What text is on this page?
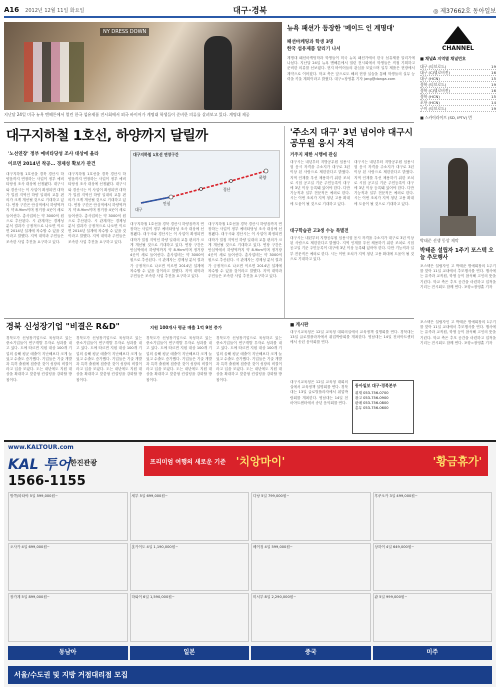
A16 2012년 12월 11일 화요일	대구·경북	◎ 제37662호 동아일보
NY DRESS DOWN
지난달 24일 미국 뉴욕 맨해튼에서 열린 한국 섬유제품 전시회에서 외국 바이어가 계명대 학생들이 준비한 의류를 살펴보고 있다. 계명대 제공
뉴욕 패션가 등장한 '메이드 인 계명대'
패션마케팅과 학생 3명
한국 섬유제품 알리기 나서
계명대 패션마케팅학과 학생들이 미국 뉴욕 패션가에서 한국 섬유제품 알리기에 나섰다. 지난달 24일 뉴욕 맨해튼에서 열린 전시회에서 학생들은 직접 기획하고 준비한 의류를 선보였다. 현지 바이어들의 관심을 모았으며 일부 제품은 현장에서 계약으로 이어졌다. 학교 측은 앞으로도 해외 현장 실습을 통해 학생들의 실무 능력을 키울 계획이라고 밝혔다. 대구=장영훈 기자 jang@donga.com
CHANNEL
■ 채널A 지역별 채널번호
대구 (티브로드)	19
대구 (CJ헬로비전)	16
대구 (HCN)	15
경북 (티브로드)	19
경북 (CJ헬로비전)	16
경북 (HCN)	15
포항 (HCN)	14
구미 (티브로드)	19
■ 스카이라이프 (SD, IPTV) 번
대구지하철 1호선, 하양까지 달릴까
'노선연장' 정부 예비타당성 조사 대상에 올라
이르면 2014년 착공… 경제성 확보가 관건
대구지하철 1호선 연장구간
안심
하양
경산
대구
대구지하철 1호선을 경북 경산시 하양읍까지 연장하는 사업이 정부 예비타당성 조사 대상에 선정됐다. 대구시와 경산시는 이 사업이 확정되면 대학가 밀집 지역인 하양 일대의 교통 편의가 크게 개선될 것으로 기대하고 있다. 연장 구간은 안심역에서 하양역까지 약 8.9km이며 정거장 4곳이 새로 들어선다. 총사업비는 약 3000억 원으로 추산된다. 시 관계자는 경제성 분석 결과가 긍정적으로 나오면 이르면 2014년 설계에 착수할 수 있을 것이라고 말했다. 지역 대학과 주민들은 조속한 사업 추진을 요구하고 있다.
대구지하철 1호선을 경북 경산시 하양읍까지 연장하는 사업이 정부 예비타당성 조사 대상에 선정됐다. 대구시와 경산시는 이 사업이 확정되면 대학가 밀집 지역인 하양 일대의 교통 편의가 크게 개선될 것으로 기대하고 있다. 연장 구간은 안심역에서 하양역까지 약 8.9km이며 정거장 4곳이 새로 들어선다. 총사업비는 약 3000억 원으로 추산된다. 시 관계자는 경제성 분석 결과가 긍정적으로 나오면 이르면 2014년 설계에 착수할 수 있을 것이라고 말했다. 지역 대학과 주민들은 조속한 사업 추진을 요구하고 있다.
대구지하철 1호선을 경북 경산시 하양읍까지 연장하는 사업이 정부 예비타당성 조사 대상에 선정됐다. 대구시와 경산시는 이 사업이 확정되면 대학가 밀집 지역인 하양 일대의 교통 편의가 크게 개선될 것으로 기대하고 있다. 연장 구간은 안심역에서 하양역까지 약 8.9km이며 정거장 4곳이 새로 들어선다. 총사업비는 약 3000억 원으로 추산된다. 시 관계자는 경제성 분석 결과가 긍정적으로 나오면 이르면 2014년 설계에 착수할 수 있을 것이라고 말했다. 지역 대학과 주민들은 조속한 사업 추진을 요구하고 있다.
대구지하철 1호선을 경북 경산시 하양읍까지 연장하는 사업이 정부 예비타당성 조사 대상에 선정됐다. 대구시와 경산시는 이 사업이 확정되면 대학가 밀집 지역인 하양 일대의 교통 편의가 크게 개선될 것으로 기대하고 있다. 연장 구간은 안심역에서 하양역까지 약 8.9km이며 정거장 4곳이 새로 들어선다. 총사업비는 약 3000억 원으로 추산된다. 시 관계자는 경제성 분석 결과가 긍정적으로 나오면 이르면 2014년 설계에 착수할 수 있을 것이라고 말했다. 지역 대학과 주민들은 조속한 사업 추진을 요구하고 있다.
'주소지 대구' 3년 넘어야 대구시 공무원 응시 자격
거주지 제한 시행에 관심
대구시는 내년부터 지방공무원 임용시험 응시 자격을 주소지가 대구로 3년 이상 된 사람으로 제한한다고 밝혔다. 지역 인재를 우선 채용하기 위한 조치로 시험 공고일 기준 주민등록이 대구에 3년 이상 등록돼 있어야 한다. 다만 기능직과 일부 전문직은 예외로 한다. 시는 이번 조치가 지역 청년 고용 확대에 도움이 될 것으로 기대하고 있다.
대구시는 내년부터 지방공무원 임용시험 응시 자격을 주소지가 대구로 3년 이상 된 사람으로 제한한다고 밝혔다. 지역 인재를 우선 채용하기 위한 조치로 시험 공고일 기준 주민등록이 대구에 3년 이상 등록돼 있어야 한다. 다만 기능직과 일부 전문직은 예외로 한다. 시는 이번 조치가 지역 청년 고용 확대에 도움이 될 것으로 기대하고 있다.
대구학습관 고3생 수능 특별전
대구시는 내년부터 지방공무원 임용시험 응시 자격을 주소지가 대구로 3년 이상 된 사람으로 제한한다고 밝혔다. 지역 인재를 우선 채용하기 위한 조치로 시험 공고일 기준 주민등록이 대구에 3년 이상 등록돼 있어야 한다. 다만 기능직과 일부 전문직은 예외로 한다. 시는 이번 조치가 지역 청년 고용 확대에 도움이 될 것으로 기대하고 있다.
박태준 선생 동상 제막
박태준 설립자 1주기 포스텍 오늘 추모행사
포스텍은 설립자인 고 박태준 명예회장의 1주기를 맞아 11일 교내에서 추모행사를 연다. 행사에는 유족과 교직원, 학생 등이 참석해 고인의 뜻을 기린다. 학교 측은 추모 공간을 마련하고 업적을 기리는 전시회도 함께 연다. 포항=장영훈 기자
경북 신성장기업 "비결은 R&D"	지원 100개사 평균 매출 1억 9천 증가
경북도가 신성장기업으로 육성하고 있는 중소기업들이 연구개발 투자로 성과를 내고 있다. 도에 따르면 지원 대상 100개 기업의 올해 평균 매출이 지난해보다 크게 늘었고 수출도 증가했다. 기업들은 기술 개발과 특허 출원에 집중한 것이 성장의 비결이라고 입을 모았다. 도는 내년에도 지원 대상을 확대하고 맞춤형 컨설팅을 강화할 방침이다.
경북도가 신성장기업으로 육성하고 있는 중소기업들이 연구개발 투자로 성과를 내고 있다. 도에 따르면 지원 대상 100개 기업의 올해 평균 매출이 지난해보다 크게 늘었고 수출도 증가했다. 기업들은 기술 개발과 특허 출원에 집중한 것이 성장의 비결이라고 입을 모았다. 도는 내년에도 지원 대상을 확대하고 맞춤형 컨설팅을 강화할 방침이다.
경북도가 신성장기업으로 육성하고 있는 중소기업들이 연구개발 투자로 성과를 내고 있다. 도에 따르면 지원 대상 100개 기업의 올해 평균 매출이 지난해보다 크게 늘었고 수출도 증가했다. 기업들은 기술 개발과 특허 출원에 집중한 것이 성장의 비결이라고 입을 모았다. 도는 내년에도 지원 대상을 확대하고 맞춤형 컨설팅을 강화할 방침이다.
경북도가 신성장기업으로 육성하고 있는 중소기업들이 연구개발 투자로 성과를 내고 있다. 도에 따르면 지원 대상 100개 기업의 올해 평균 매출이 지난해보다 크게 늘었고 수출도 증가했다. 기업들은 기술 개발과 특허 출원에 집중한 것이 성장의 비결이라고 입을 모았다. 도는 내년에도 지원 대상을 확대하고 맞춤형 컨설팅을 강화할 방침이다.
■ 게시판
대구시교육청은 12일 교육청 대회의실에서 교육정책 설명회를 연다. 경북대는 13일 글로벌플라자에서 취업박람회를 개최한다. 영남대는 14일 천마아트센터에서 송년 음악회를 연다.
동아일보 대구·경북본부
취재 053-756-0700
광고 053-756-0900
판매 053-756-0800
총무 053-756-0600
대구시교육청은 12일 교육청 대회의실에서 교육정책 설명회를 연다. 경북대는 13일 글로벌플라자에서 취업박람회를 개최한다. 영남대는 14일 천마아트센터에서 송년 음악회를 연다.
포스텍은 설립자인 고 박태준 명예회장의 1주기를 맞아 11일 교내에서 추모행사를 연다. 행사에는 유족과 교직원, 학생 등이 참석해 고인의 뜻을 기린다. 학교 측은 추모 공간을 마련하고 업적을 기리는 전시회도 함께 연다. 포항=장영훈 기자
www.KALTOUR.com
KAL 투어 한진관광
1566-1155
프리미엄 여행의 새로운 기준 '치앙마이'	'황금휴가'
방콕/파타야 5일 599,000원~	세부 5일 699,000원~	다낭 5일 799,000원~	후쿠오카 3일 499,000원~
오사카 4일 699,000원~	홋카이도 4일 1,190,000원~	베이징 4일 599,000원~	상하이 4일 649,000원~
장가계 5일 899,000원~	하와이 6일 1,590,000원~	미서부 8일 2,290,000원~	괌 5일 999,000원~
동남아	일본	중국	미주
서울/수도권 및 지방 거점대리점 모집
